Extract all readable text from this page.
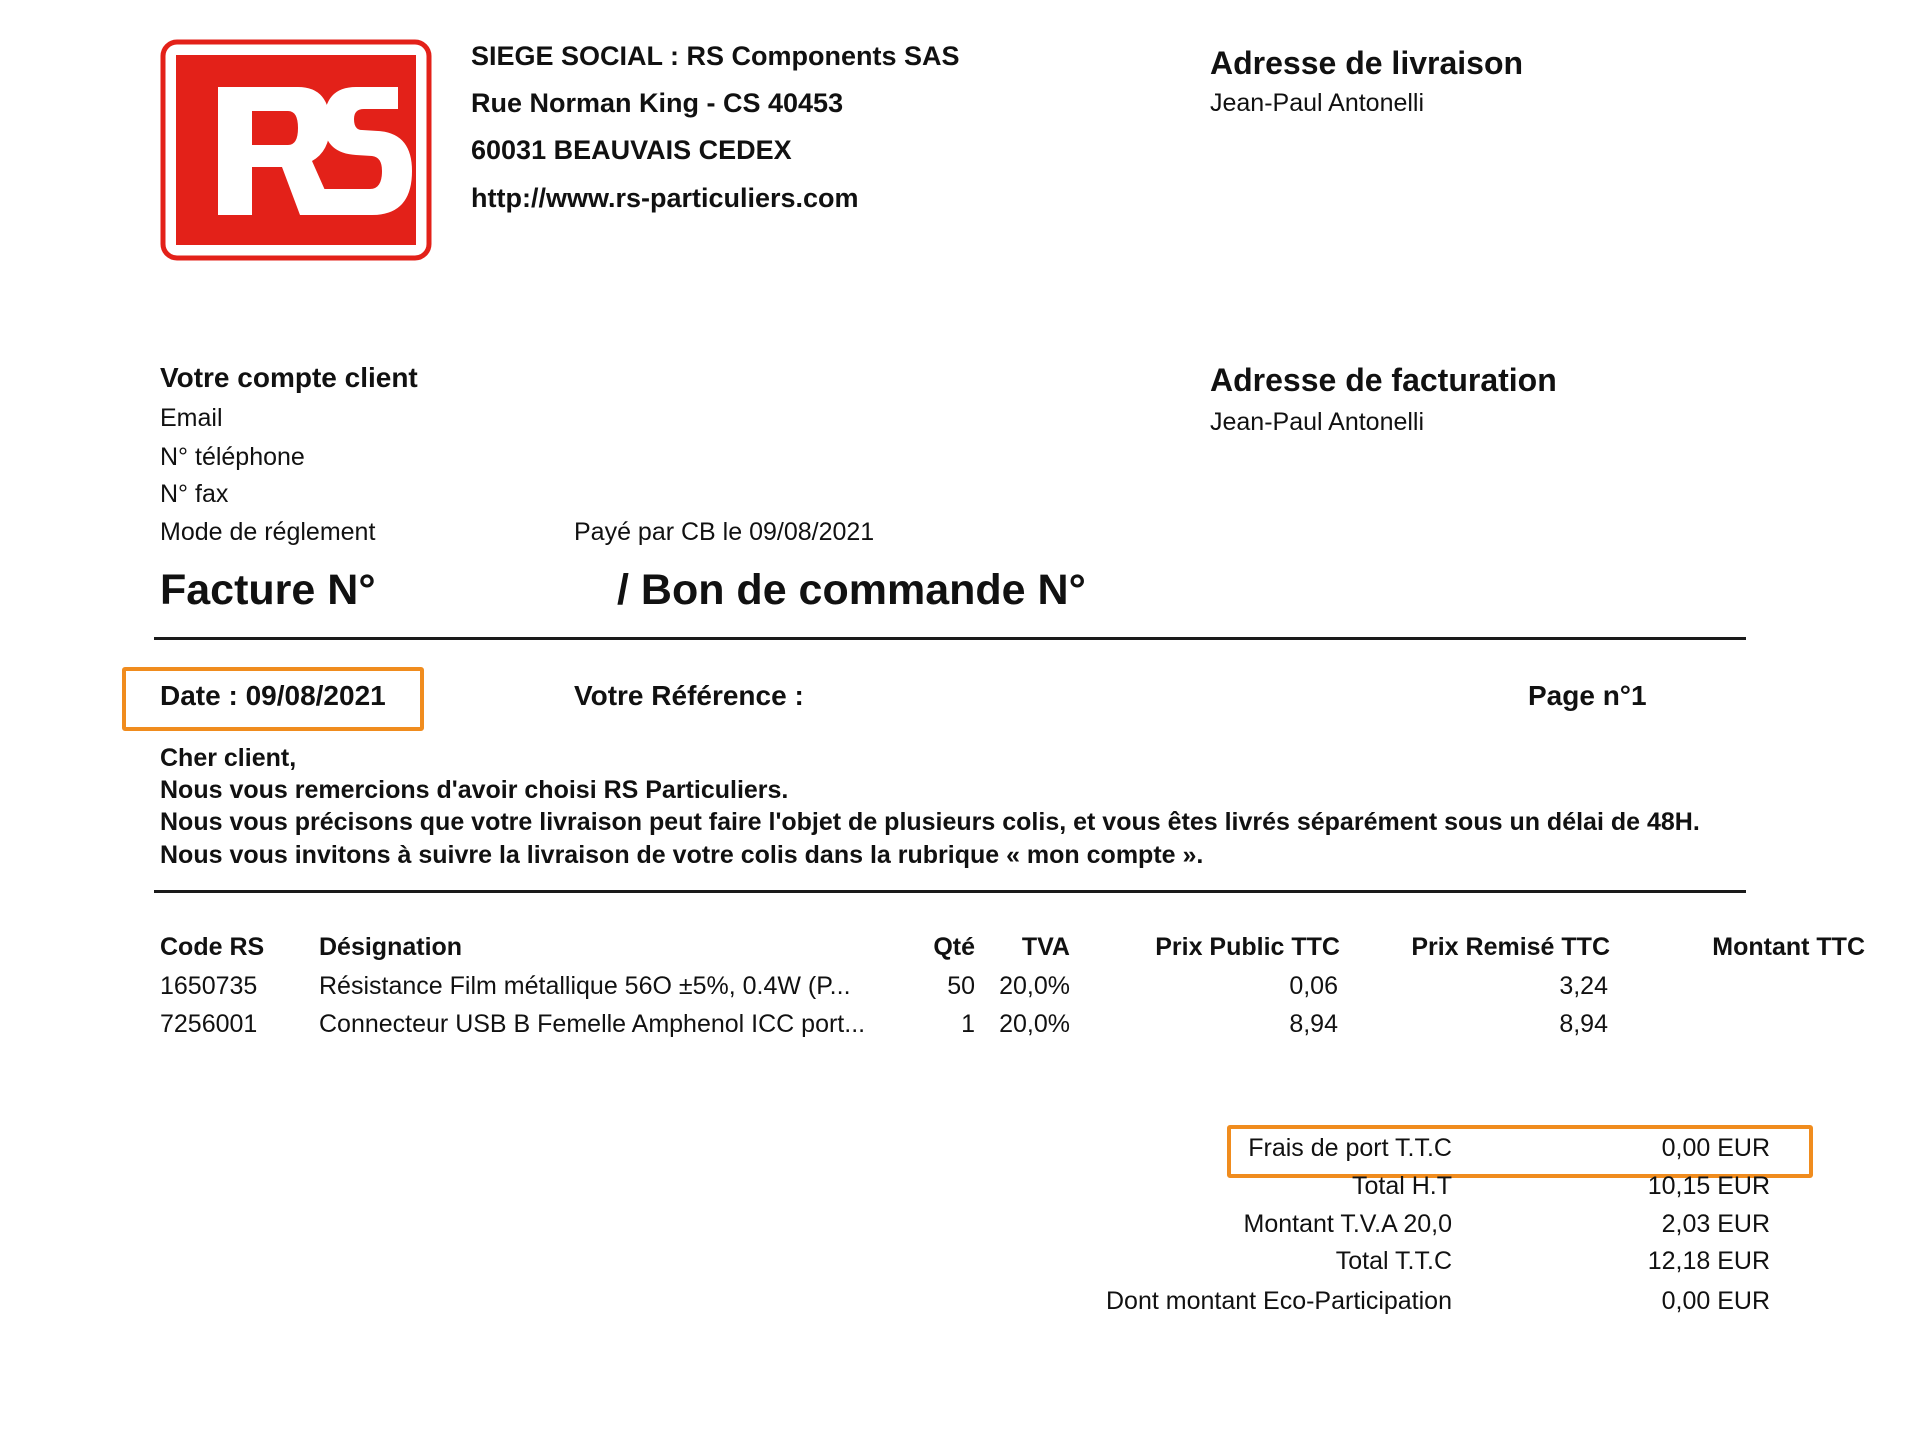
SIEGE SOCIAL : RS Components SAS
Rue Norman King - CS 40453
60031 BEAUVAIS CEDEX
http://www.rs-particuliers.com
Adresse de livraison
Jean-Paul Antonelli
Adresse de facturation
Jean-Paul Antonelli
Votre compte client
Email
N° téléphone
N° fax
Mode de réglement	Payé par CB le 09/08/2021
Facture N°	/ Bon de commande N°
Date : 09/08/2021	Votre Référence :	Page n°1
Cher client,
Nous vous remercions d'avoir choisi RS Particuliers.
Nous vous précisons que votre livraison peut faire l'objet de plusieurs colis, et vous êtes livrés séparément sous un délai de 48H.
Nous vous invitons à suivre la livraison de votre colis dans la rubrique « mon compte ».
Code RS Désignation	Qté	TVA	Prix Public TTC	Prix Remisé TTC	Montant TTC
1650735 Résistance Film métallique 56O ±5%, 0.4W (P...	50 20,0%	0,06	3,24
7256001 Connecteur USB B Femelle Amphenol ICC port...	1 20,0%	8,94	8,94
Frais de port T.T.C	0,00 EUR
Total H.T	10,15 EUR
Montant T.V.A 20,0	2,03 EUR
Total T.T.C	12,18 EUR
Dont montant Eco-Participation	0,00 EUR
